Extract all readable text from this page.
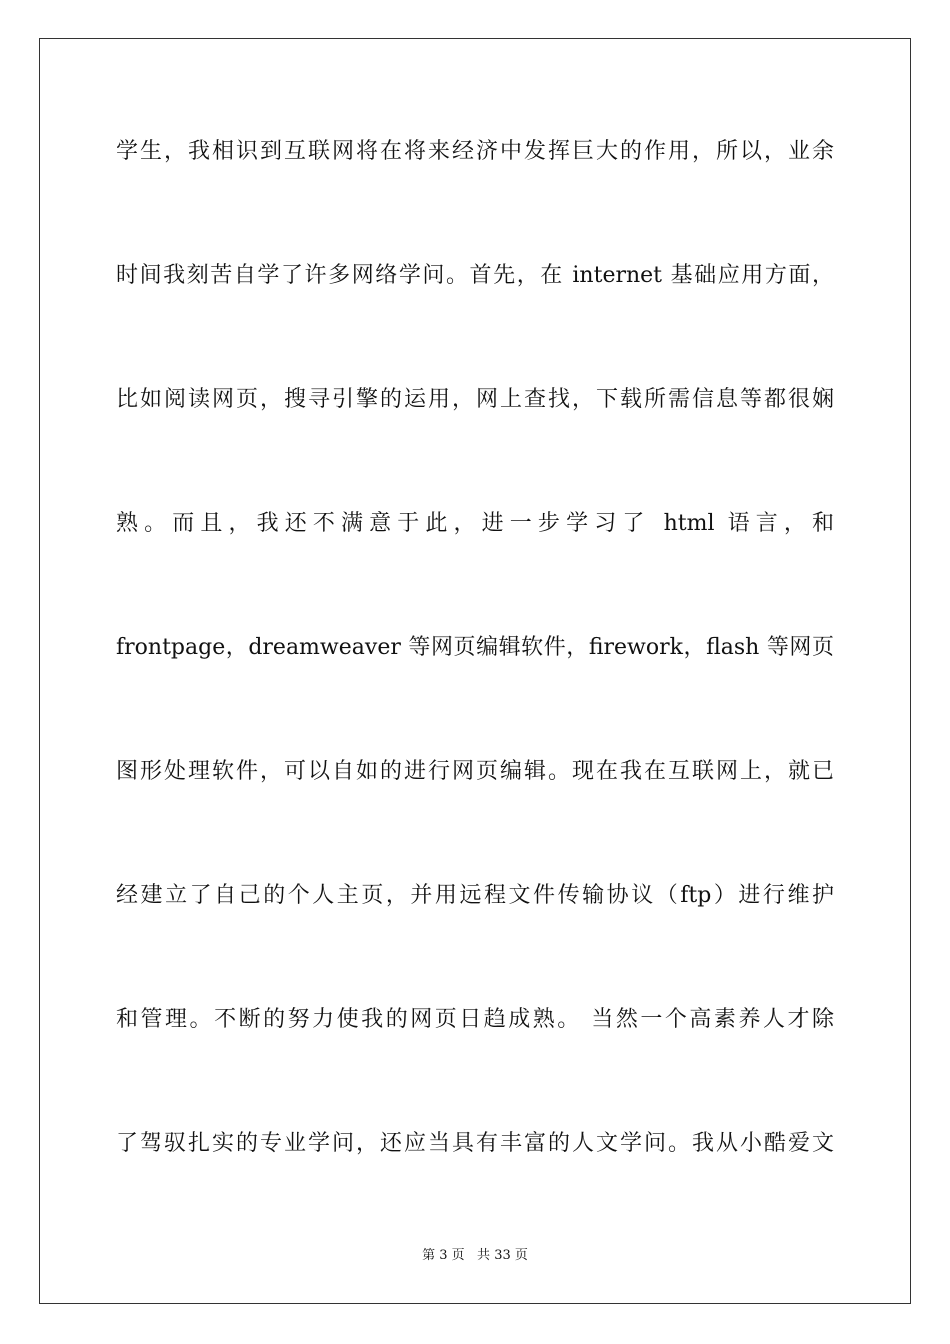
学生，我相识到互联网将在将来经济中发挥巨大的作用，所以，业余
时间我刻苦自学了许多网络学问。首先，在 internet 基础应用方面，
比如阅读网页，搜寻引擎的运用，网上查找，下载所需信息等都很娴
熟。而且，我还不满意于此，进一步学习了 html 语言，和
frontpage，dreamweaver 等网页编辑软件，firework，flash 等网页
图形处理软件，可以自如的进行网页编辑。现在我在互联网上，就已
经建立了自己的个人主页，并用远程文件传输协议（ftp）进行维护
和管理。不断的努力使我的网页日趋成熟。 当然一个高素养人才除
了驾驭扎实的专业学问，还应当具有丰富的人文学问。我从小酷爱文
第 3 页   共 33 页
